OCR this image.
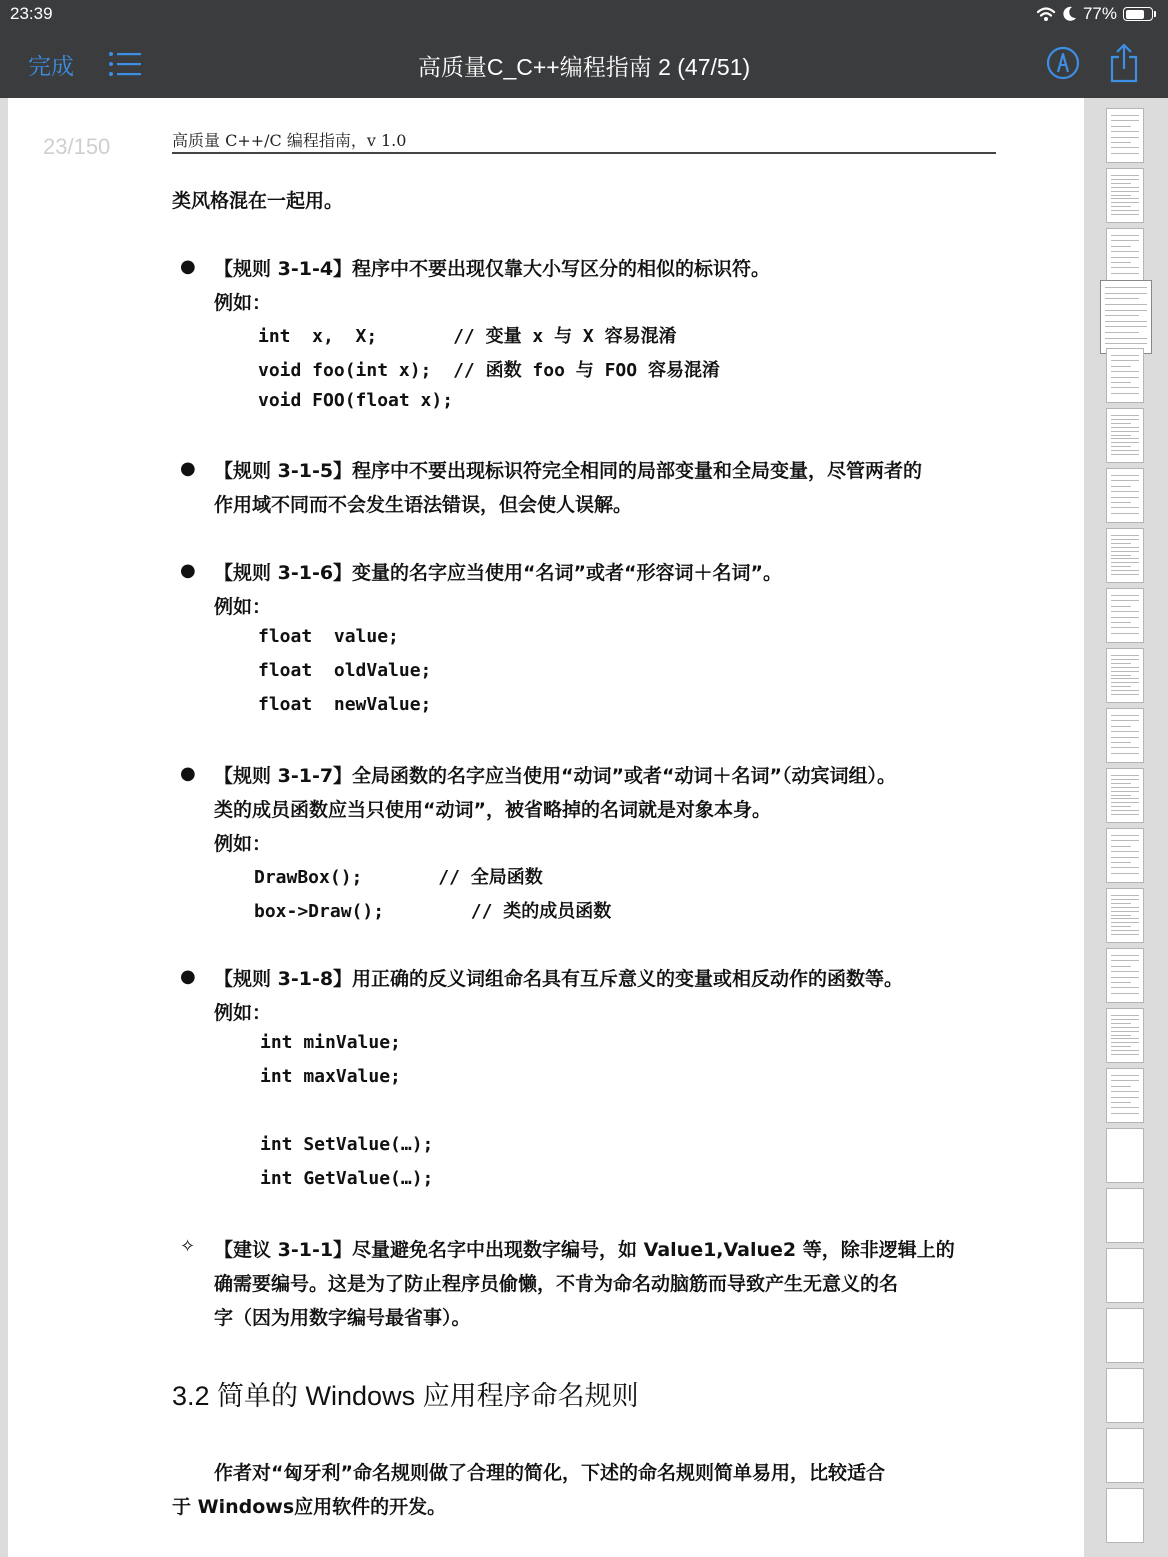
23:39	77%
完成	高质量C_C++编程指南 2 (47/51)
23/150	高质量 C++/C 编程指南，v 1.0
类风格混在一起用。
● 【规则 3-1-4】程序中不要出现仅靠大小写区分的相似的标识符。
例如：
int  x,  X;       // 变量 x 与 X 容易混淆
void foo(int x);  // 函数 foo 与 FOO 容易混淆
void FOO(float x);
● 【规则 3-1-5】程序中不要出现标识符完全相同的局部变量和全局变量，尽管两者的
作用域不同而不会发生语法错误，但会使人误解。
● 【规则 3-1-6】变量的名字应当使用“名词”或者“形容词＋名词”。
例如：
float  value;
float  oldValue;
float  newValue;
● 【规则 3-1-7】全局函数的名字应当使用“动词”或者“动词＋名词”（动宾词组）。
类的成员函数应当只使用“动词”，被省略掉的名词就是对象本身。
例如：
DrawBox();       // 全局函数
box->Draw();        // 类的成员函数
● 【规则 3-1-8】用正确的反义词组命名具有互斥意义的变量或相反动作的函数等。
例如：
int minValue;
int maxValue;
int SetValue(…);
int GetValue(…);
✧ 【建议 3-1-1】尽量避免名字中出现数字编号，如 Value1,Value2 等，除非逻辑上的
确需要编号。这是为了防止程序员偷懒，不肯为命名动脑筋而导致产生无意义的名
字（因为用数字编号最省事）。
3.2 简单的 Windows 应用程序命名规则
作者对“匈牙利”命名规则做了合理的简化，下述的命名规则简单易用，比较适合
于 Windows应用软件的开发。
